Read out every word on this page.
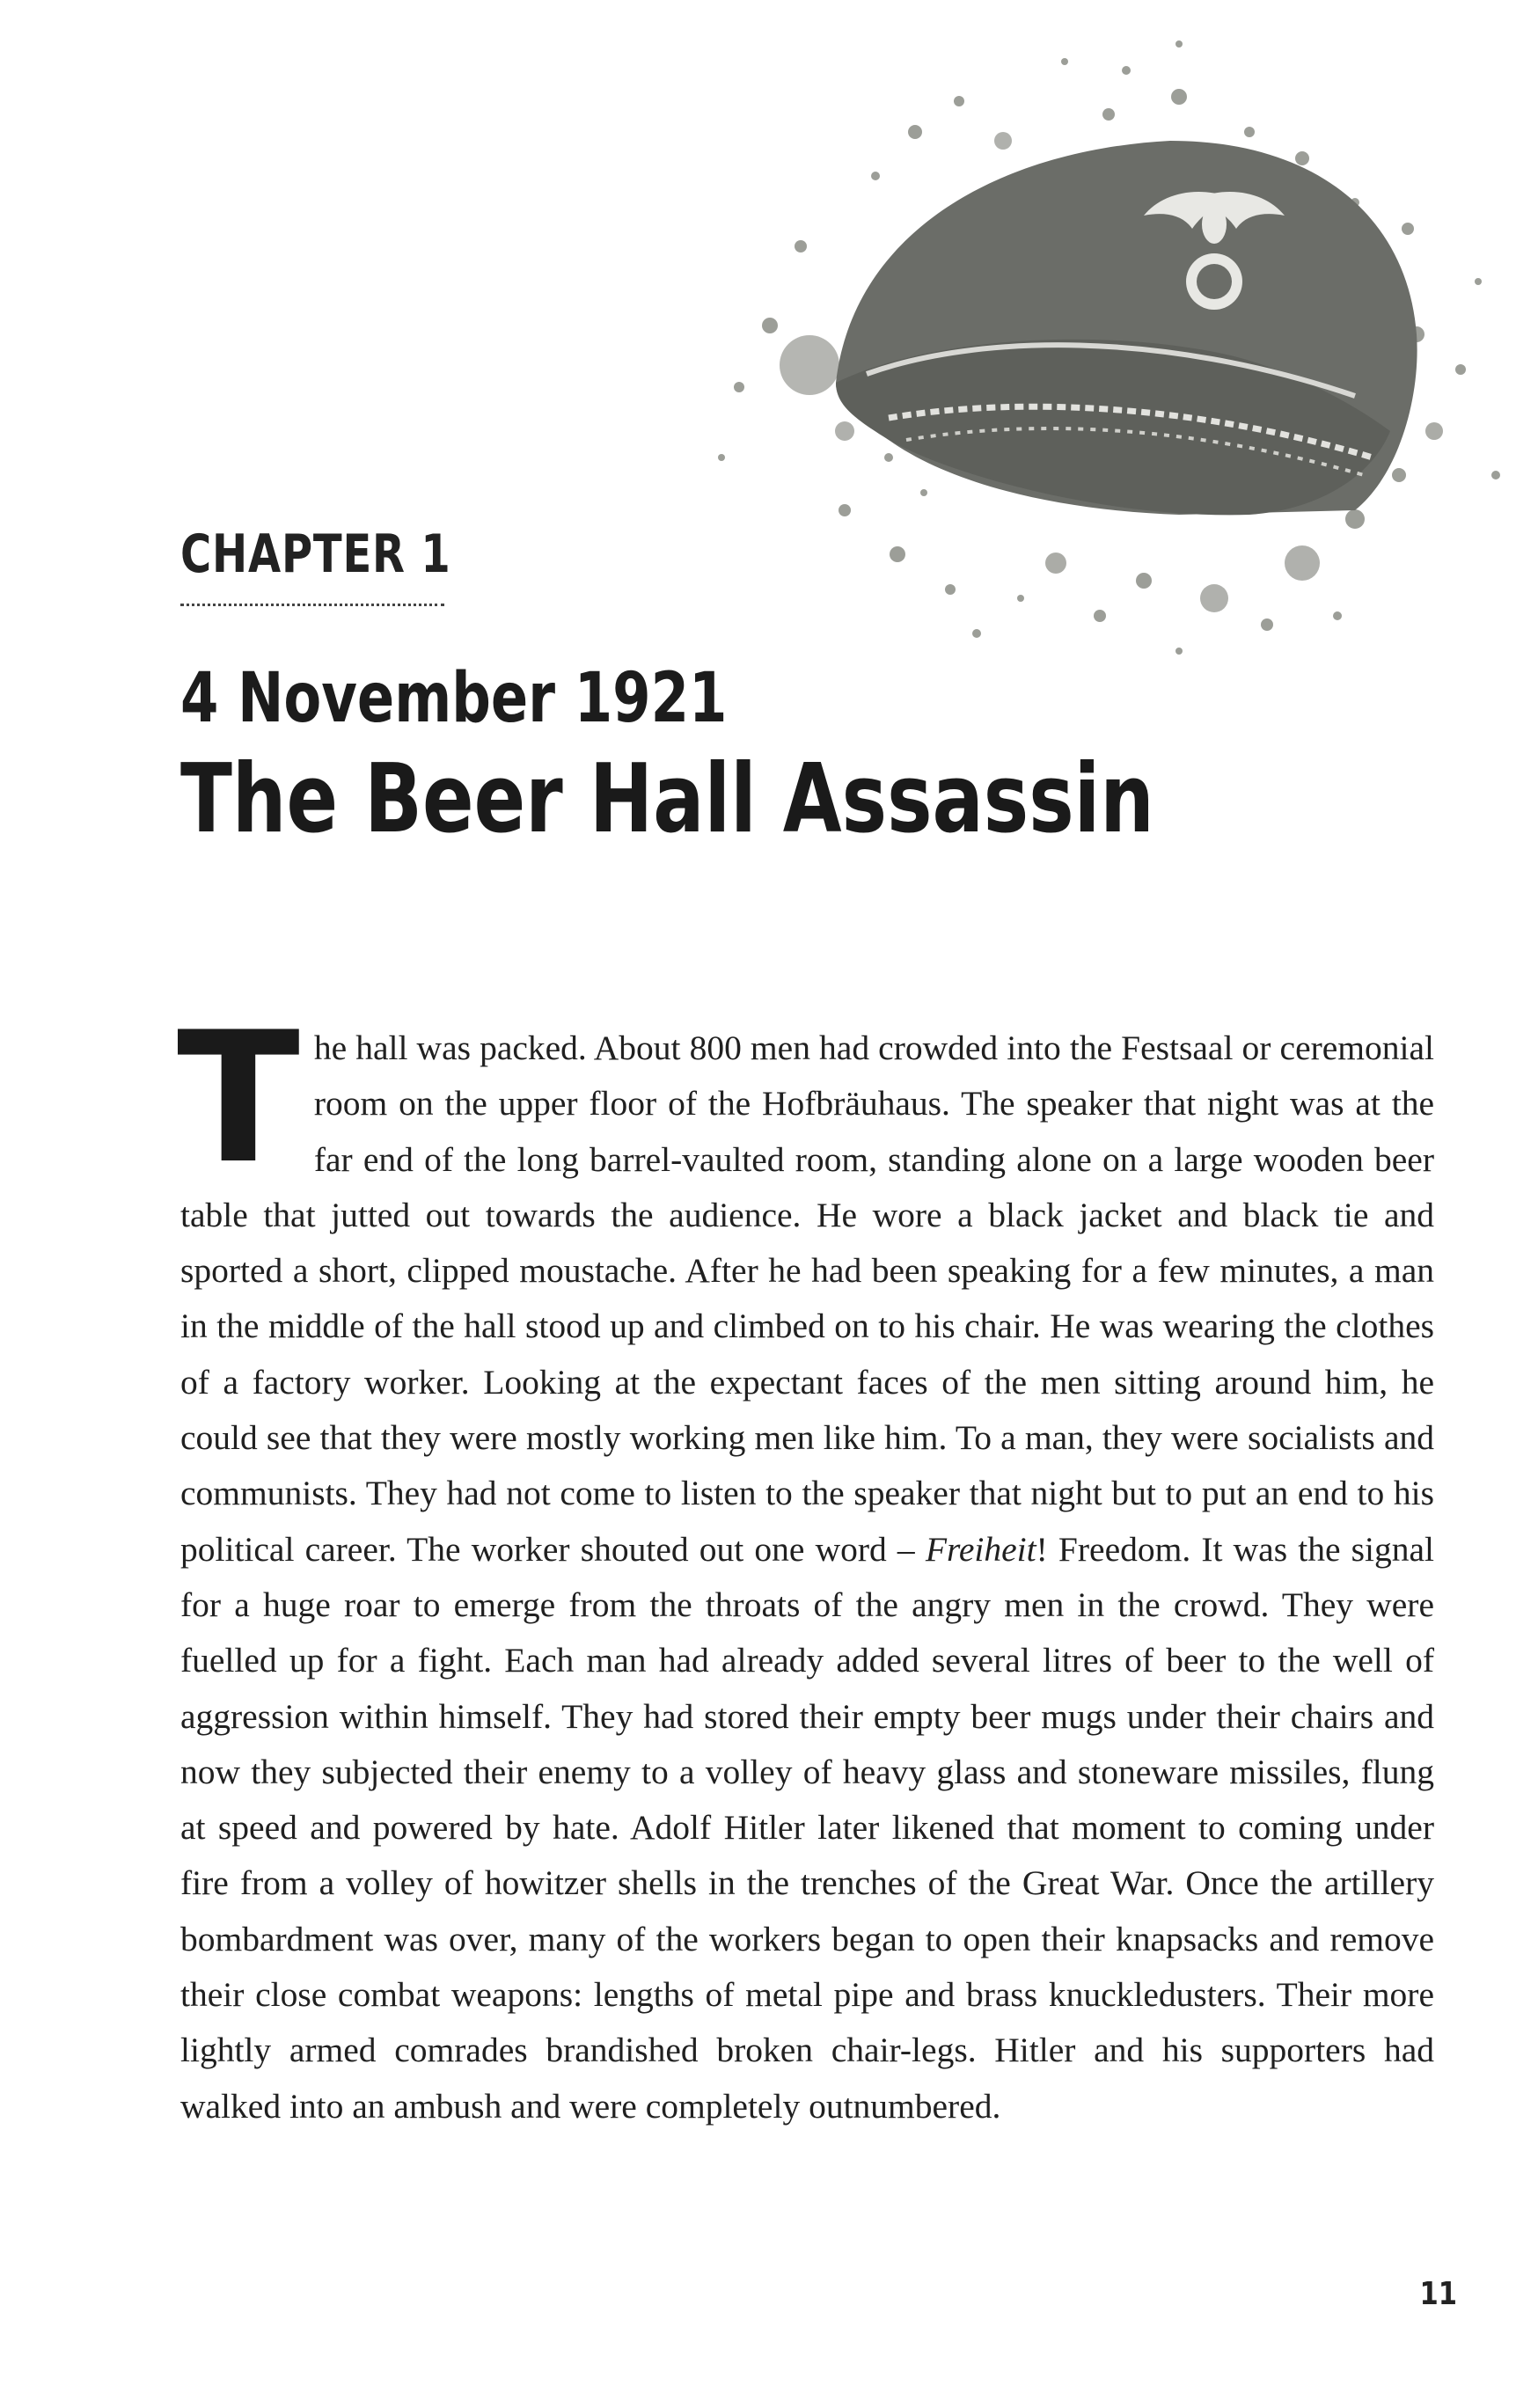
CHAPTER 1
4 November 1921
The Beer Hall Assassin

The hall was packed. About 800 men had crowded into the Festsaal or ceremonial room on the upper floor of the Hofbräuhaus. The speaker that night was at the far end of the long barrel-vaulted room, standing alone on a large wooden beer table that jutted out towards the audience. He wore a black jacket and black tie and sported a short, clipped moustache. After he had been speaking for a few minutes, a man in the middle of the hall stood up and climbed on to his chair. He was wearing the clothes of a factory worker. Looking at the expectant faces of the men sitting around him, he could see that they were mostly working men like him. To a man, they were socialists and communists. They had not come to listen to the speaker that night but to put an end to his political career. The worker shouted out one word – Freiheit! Freedom. It was the signal for a huge roar to emerge from the throats of the angry men in the crowd. They were fuelled up for a fight. Each man had already added several litres of beer to the well of aggression within himself. They had stored their empty beer mugs under their chairs and now they subjected their enemy to a volley of heavy glass and stoneware missiles, flung at speed and powered by hate. Adolf Hitler later likened that moment to coming under fire from a volley of howitzer shells in the trenches of the Great War. Once the artillery bombardment was over, many of the workers began to open their knapsacks and remove their close combat weapons: lengths of metal pipe and brass knuckledusters. Their more lightly armed comrades brandished broken chair-legs. Hitler and his supporters had walked into an ambush and were completely outnumbered.

11
